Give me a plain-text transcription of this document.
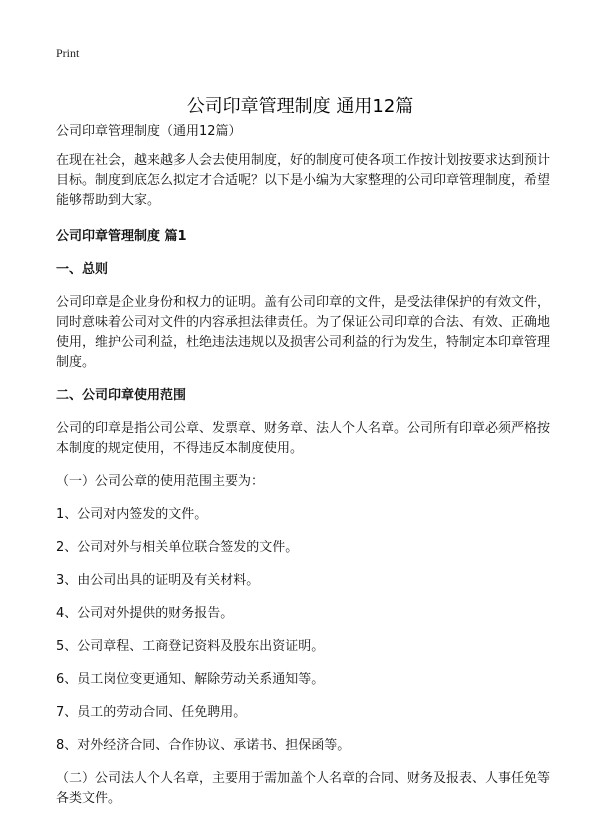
Print
公司印章管理制度 通用12篇

公司印章管理制度（通用12篇）

在现在社会，越来越多人会去使用制度，好的制度可使各项工作按计划按要求达到预计目标。制度到底怎么拟定才合适呢？以下是小编为大家整理的公司印章管理制度，希望能够帮助到大家。

公司印章管理制度 篇1

一、总则

公司印章是企业身份和权力的证明。盖有公司印章的文件，是受法律保护的有效文件，同时意味着公司对文件的内容承担法律责任。为了保证公司印章的合法、有效、正确地使用，维护公司利益，杜绝违法违规以及损害公司利益的行为发生，特制定本印章管理制度。

二、公司印章使用范围

公司的印章是指公司公章、发票章、财务章、法人个人名章。公司所有印章必须严格按本制度的规定使用，不得违反本制度使用。

（一）公司公章的使用范围主要为：

1、公司对内签发的文件。

2、公司对外与相关单位联合签发的文件。

3、由公司出具的证明及有关材料。

4、公司对外提供的财务报告。

5、公司章程、工商登记资料及股东出资证明。

6、员工岗位变更通知、解除劳动关系通知等。

7、员工的劳动合同、任免聘用。

8、对外经济合同、合作协议、承诺书、担保函等。

（二）公司法人个人名章，主要用于需加盖个人名章的合同、财务及报表、人事任免等各类文件。
